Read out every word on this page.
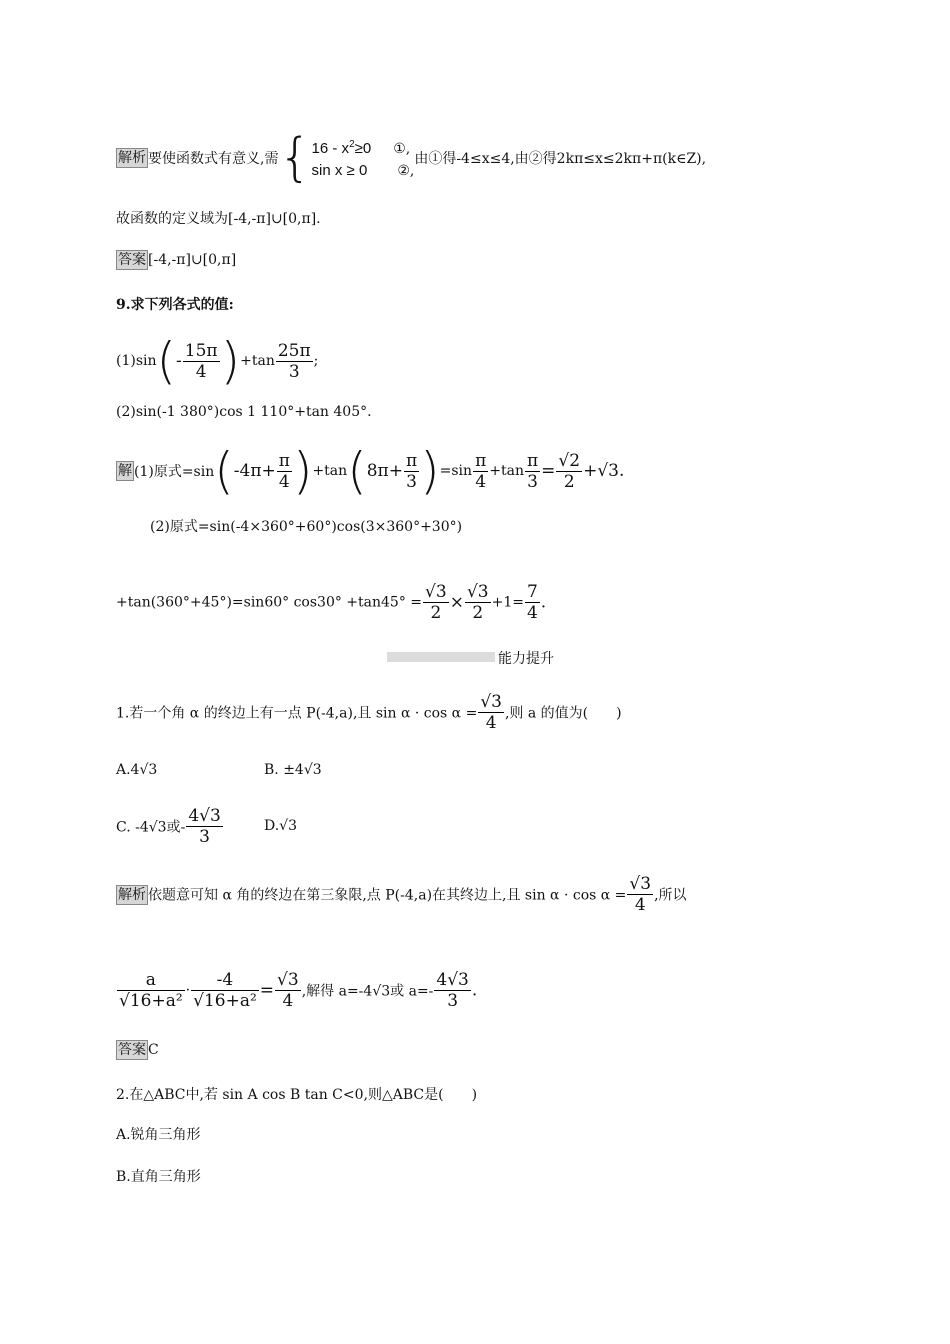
解析 要使函数式有意义,需{$16 - x^2\ge 0$ ①,
sin x ≥ 0 ②,由①得-4≤x≤4,由②得2kπ≤x≤2kπ+π(k∈Z),
故函数的定义域为[-4,-π]∪[0,π].
答案 [-4,-π]∪[0,π]
9.求下列各式的值:
$(1)\sin(- \frac{15\pi}{4} )+\tan \frac{25\pi}{3}$ ;
(2)sin(-1 380°)cos 1 110°+tan 405°.
解 (1)原式$=\sin(-4\pi+ \frac{\pi}{4} )+\tan(8\pi+ \frac{\pi}{3} )=\sin \frac{\pi}{4} +\tan \frac{\pi}{3} = \frac{√2}{2} +√3$.
(2)原式=sin(-4×360°+60°)cos(3×360°+30°)
+tan(360°+45°)=sin60° $\cos 30^\circ +\tan 45^\circ = \frac{√3}{2} \times \frac{√3}{2} +1= \frac{7}{4}$ .
能力提升
1.若一个角 α 的终边上有一点 P(-4,a),且 $\sin \alpha \cdot \cos \alpha = \frac{√3}{4}$ ,则 a 的值为(　　)
A.4√3	B. ±4√3
C. -4√3或- $\frac{4√3}{3}$	D.√3
解析 依题意可知 α 角的终边在第三象限,点 P(-4,a)在其终边上,且 $\sin \alpha \cdot \cos \alpha = \frac{√3}{4}$ ,所以
$\frac{a}{\text{√16+a²}} \cdot \frac{-4}{\text{√16+a²}} = \frac{√3}{4}$ ,解得 a=-4√3或 $a=- \frac{4√3}{3}$ .
答案 C
2.在△ABC中,若 sin A cos B tan C<0,则△ABC是(　　)
A.锐角三角形
B.直角三角形
